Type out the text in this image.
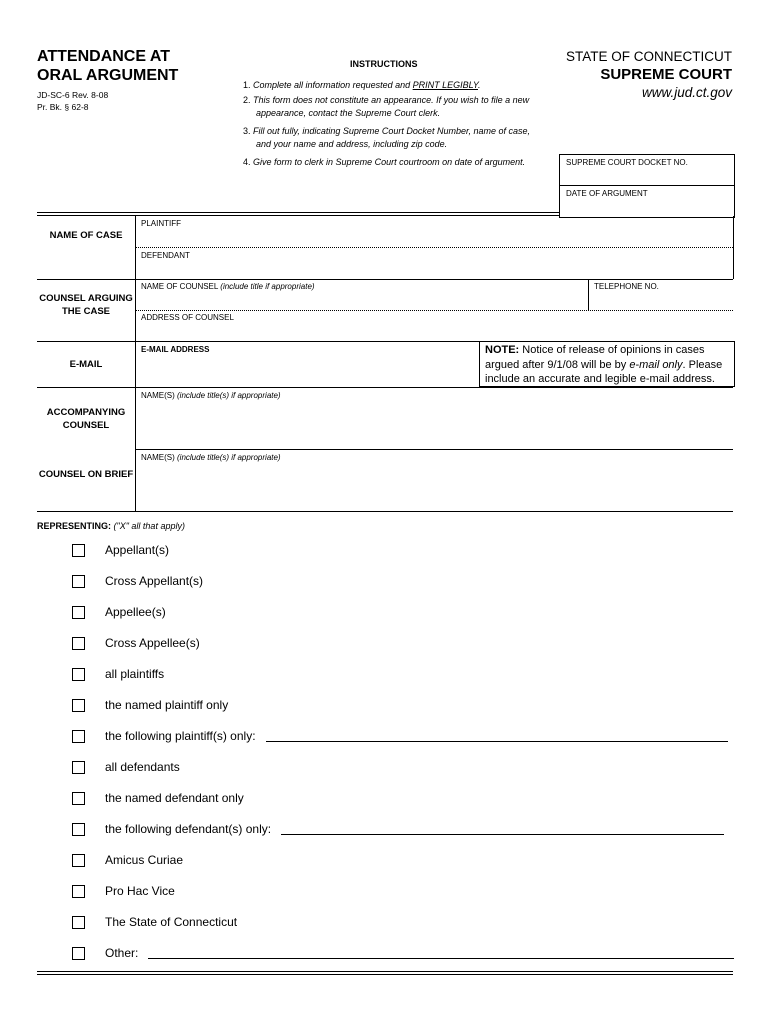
ATTENDANCE AT
ORAL ARGUMENT
JD-SC-6 Rev. 8-08
Pr. Bk. § 62-8
INSTRUCTIONS
1. Complete all information requested and PRINT LEGIBLY.
2. This form does not constitute an appearance. If you wish to file a new appearance, contact the Supreme Court clerk.
3. Fill out fully, indicating Supreme Court Docket Number, name of case, and your name and address, including zip code.
4. Give form to clerk in Supreme Court courtroom on date of argument.
STATE OF CONNECTICUT
SUPREME COURT
www.jud.ct.gov
SUPREME COURT DOCKET NO.
DATE OF ARGUMENT
NAME OF CASE
COUNSEL ARGUING THE CASE
E-MAIL
ACCOMPANYING COUNSEL
COUNSEL ON BRIEF
PLAINTIFF
DEFENDANT
NAME OF COUNSEL (include title if appropriate)	TELEPHONE NO.
ADDRESS OF COUNSEL
E-MAIL ADDRESS	NOTE: Notice of release of opinions in cases argued after 9/1/08 will be by e-mail only. Please include an accurate and legible e-mail address.
NAME(S) (include title(s) if appropriate)
NAME(S) (include title(s) if appropriate)
REPRESENTING: ("X" all that apply)
Appellant(s)
Cross Appellant(s)
Appellee(s)
Cross Appellee(s)
all plaintiffs
the named plaintiff only
the following plaintiff(s) only:
all defendants
the named defendant only
the following defendant(s) only:
Amicus Curiae
Pro Hac Vice
The State of Connecticut
Other:
